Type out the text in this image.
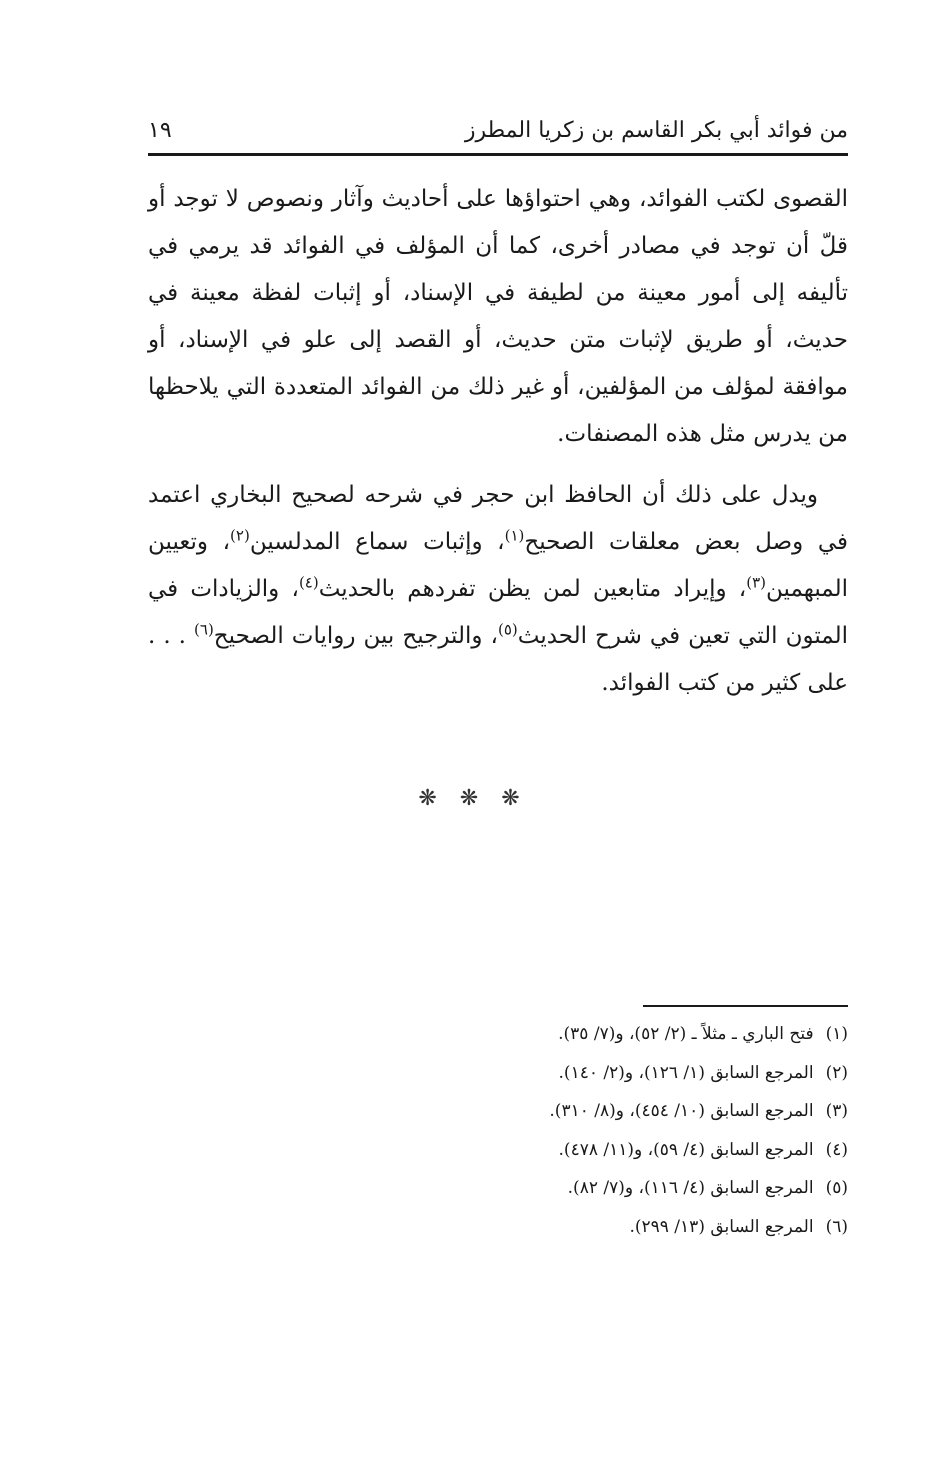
من فوائد أبي بكر القاسم بن زكريا المطرز
١٩

القصوى لكتب الفوائد، وهي احتواؤها على أحاديث وآثار ونصوص لا توجد أو قلّ أن توجد في مصادر أخرى، كما أن المؤلف في الفوائد قد يرمي في تأليفه إلى أمور معينة من لطيفة في الإسناد، أو إثبات لفظة معينة في حديث، أو طريق لإثبات متن حديث، أو القصد إلى علو في الإسناد، أو موافقة لمؤلف من المؤلفين، أو غير ذلك من الفوائد المتعددة التي يلاحظها من يدرس مثل هذه المصنفات.

ويدل على ذلك أن الحافظ ابن حجر في شرحه لصحيح البخاري اعتمد في وصل بعض معلقات الصحيح$^{(١)}$، وإثبات سماع المدلسين$^{(٢)}$، وتعيين المبهمين$^{(٣)}$، وإيراد متابعين لمن يظن تفردهم بالحديث$^{(٤)}$، والزيادات في المتون التي تعين في شرح الحديث$^{(٥)}$، والترجيح بين روايات الصحيح$^{(٦)}$ . . . على كثير من كتب الفوائد.

❋ ❋ ❋
(١)فتح الباري ـ مثلاً ـ (٢/ ٥٢)، و(٧/ ٣٥).
(٢)المرجع السابق (١/ ١٢٦)، و(٢/ ١٤٠).
(٣)المرجع السابق (١٠/ ٤٥٤)، و(٨/ ٣١٠).
(٤)المرجع السابق (٤/ ٥٩)، و(١١/ ٤٧٨).
(٥)المرجع السابق (٤/ ١١٦)، و(٧/ ٨٢).
(٦)المرجع السابق (١٣/ ٢٩٩).
